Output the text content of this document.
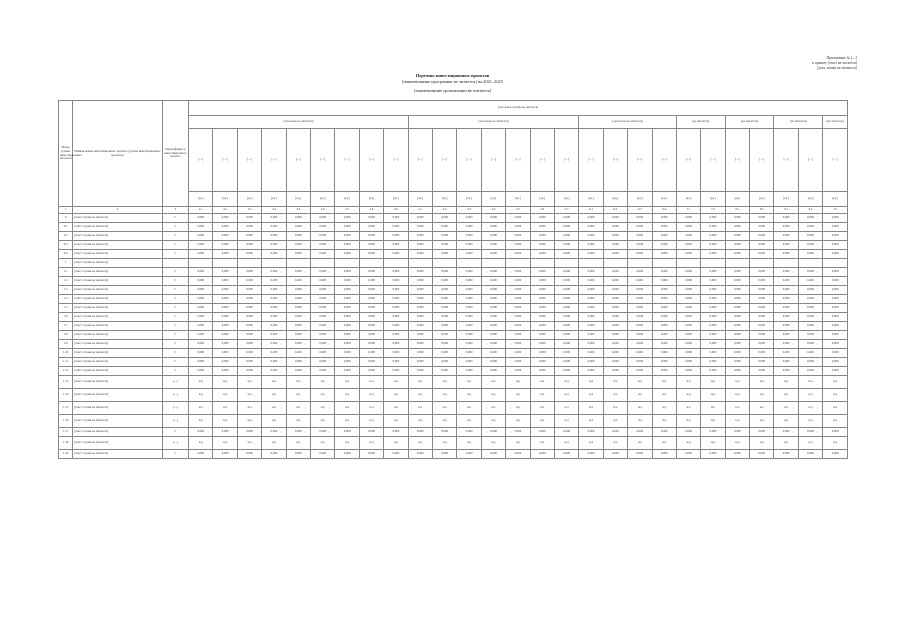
Приложение № [—]
к приказу [текст не читается]
[дата, номер не читаются]
Перечень инвестиционных проектов
[наименование программы не читается] на 2021–2025
[наименование организации не читается]
Номер группы инвестиционных проектов	Наименование инвестиционного проекта (группы инвестиционных проектов)	Идентификатор инвестиционного проекта	[заголовок группы не читается]																										
			[заголовок не читается]									[заголовок не читается]							[заголовок не читается]				[не читается]		[не читается]		[не читается]		[не читается]
			[—]	[—]	[—]	[—]	[—]	[—]	[—]	[—]	[—]	[—]	[—]	[—]	[—]	[—]	[—]	[—]	[—]	[—]	[—]	[—]	[—]	[—]	[—]	[—]	[—]	[—]	[—]
			[ед.]	[ед.]	[ед.]	[ед.]	[ед.]	[ед.]	[ед.]	[ед.]	[ед.]	[ед.]	[ед.]	[ед.]	[ед.]	[ед.]	[ед.]	[ед.]	[ед.]	[ед.]	[ед.]	[ед.]	[ед.]	[ед.]	[ед.]	[ед.]	[ед.]	[ед.]	[ед.]
1	2	3	4.1	4.2	4.3	4.4	4.5	4.6	4.7	4.8	4.9	5.1	5.2	5.3	5.4	5.5	5.6	5.7	6.1	6.2	6.3	6.4	7.1	7.2	8.1	8.2	9.1	9.2	10
0	[текст строки не читается]	Г	0,000	0,000	0,000	0,000	0,000	0,000	0,000	0,000	0,000	0,000	0,000	0,000	0,000	0,000	0,000	0,000	0,000	0,000	0,000	0,000	0,000	0,000	0,000	0,000	0,000	0,000	0,000
0.1	[текст строки не читается]	Г	0,000	0,000	0,000	0,000	0,000	0,000	0,000	0,000	0,000	0,000	0,000	0,000	0,000	0,000	0,000	0,000	0,000	0,000	0,000	0,000	0,000	0,000	0,000	0,000	0,000	0,000	0,000
0.2	[текст строки не читается]	Г	0,000	0,000	0,000	0,000	0,000	0,000	0,000	0,000	0,000	0,000	0,000	0,000	0,000	0,000	0,000	0,000	0,000	0,000	0,000	0,000	0,000	0,000	0,000	0,000	0,000	0,000	0,000
0.3	[текст строки не читается]	Г	0,000	0,000	0,000	0,000	0,000	0,000	0,000	0,000	0,000	0,000	0,000	0,000	0,000	0,000	0,000	0,000	0,000	0,000	0,000	0,000	0,000	0,000	0,000	0,000	0,000	0,000	0,000
0.4	[текст строки не читается]	Г	0,000	0,000	0,000	0,000	0,000	0,000	0,000	0,000	0,000	0,000	0,000	0,000	0,000	0,000	0,000	0,000	0,000	0,000	0,000	0,000	0,000	0,000	0,000	0,000	0,000	0,000	0,000
1	[текст строки не читается]																												
1.1	[текст строки не читается]	Г	0,000	0,000	0,000	0,000	0,000	0,000	0,000	0,000	0,000	0,000	0,000	0,000	0,000	0,000	0,000	0,000	0,000	0,000	0,000	0,000	0,000	0,000	0,000	0,000	0,000	0,000	0,000
1.2	[текст строки не читается]	Г	0,000	0,000	0,000	0,000	0,000	0,000	0,000	0,000	0,000	0,000	0,000	0,000	0,000	0,000	0,000	0,000	0,000	0,000	0,000	0,000	0,000	0,000	0,000	0,000	0,000	0,000	0,000
1.3	[текст строки не читается]	Г	0,000	0,000	0,000	0,000	0,000	0,000	0,000	0,000	0,000	0,000	0,000	0,000	0,000	0,000	0,000	0,000	0,000	0,000	0,000	0,000	0,000	0,000	0,000	0,000	0,000	0,000	0,000
1.4	[текст строки не читается]	Г	0,000	0,000	0,000	0,000	0,000	0,000	0,000	0,000	0,000	0,000	0,000	0,000	0,000	0,000	0,000	0,000	0,000	0,000	0,000	0,000	0,000	0,000	0,000	0,000	0,000	0,000	0,000
1.5	[текст строки не читается]	Г	0,000	0,000	0,000	0,000	0,000	0,000	0,000	0,000	0,000	0,000	0,000	0,000	0,000	0,000	0,000	0,000	0,000	0,000	0,000	0,000	0,000	0,000	0,000	0,000	0,000	0,000	0,000
1.6	[текст строки не читается]	Г	0,000	0,000	0,000	0,000	0,000	0,000	0,000	0,000	0,000	0,000	0,000	0,000	0,000	0,000	0,000	0,000	0,000	0,000	0,000	0,000	0,000	0,000	0,000	0,000	0,000	0,000	0,000
1.7	[текст строки не читается]	Г	0,000	0,000	0,000	0,000	0,000	0,000	0,000	0,000	0,000	0,000	0,000	0,000	0,000	0,000	0,000	0,000	0,000	0,000	0,000	0,000	0,000	0,000	0,000	0,000	0,000	0,000	0,000
1.8	[текст строки не читается]	Г	0,000	0,000	0,000	0,000	0,000	0,000	0,000	0,000	0,000	0,000	0,000	0,000	0,000	0,000	0,000	0,000	0,000	0,000	0,000	0,000	0,000	0,000	0,000	0,000	0,000	0,000	0,000
1.9	[текст строки не читается]	Г	0,000	0,000	0,000	0,000	0,000	0,000	0,000	0,000	0,000	0,000	0,000	0,000	0,000	0,000	0,000	0,000	0,000	0,000	0,000	0,000	0,000	0,000	0,000	0,000	0,000	0,000	0,000
1.10	[текст строки не читается]	Г	0,000	0,000	0,000	0,000	0,000	0,000	0,000	0,000	0,000	0,000	0,000	0,000	0,000	0,000	0,000	0,000	0,000	0,000	0,000	0,000	0,000	0,000	0,000	0,000	0,000	0,000	0,000
1.11	[текст строки не читается]	Г	0,000	0,000	0,000	0,000	0,000	0,000	0,000	0,000	0,000	0,000	0,000	0,000	0,000	0,000	0,000	0,000	0,000	0,000	0,000	0,000	0,000	0,000	0,000	0,000	0,000	0,000	0,000
1.12	[текст строки не читается]	Г	0,000	0,000	0,000	0,000	0,000	0,000	0,000	0,000	0,000	0,000	0,000	0,000	0,000	0,000	0,000	0,000	0,000	0,000	0,000	0,000	0,000	0,000	0,000	0,000	0,000	0,000	0,000
1.13	[текст строки не читается]	[—]	н/д	н/д	н/д	н/д	н/д	н/д	н/д	н/д	н/д	н/д	н/д	н/д	н/д	н/д	н/д	н/д	н/д	н/д	н/д	н/д	н/д	н/д	н/д	н/д	н/д	н/д	н/д
1.14	[текст строки не читается]	[—]	н/д	н/д	н/д	н/д	н/д	н/д	н/д	н/д	н/д	н/д	н/д	н/д	н/д	н/д	н/д	н/д	н/д	н/д	н/д	н/д	н/д	н/д	н/д	н/д	н/д	н/д	н/д
1.15	[текст строки не читается]	[—]	н/д	н/д	н/д	н/д	н/д	н/д	н/д	н/д	н/д	н/д	н/д	н/д	н/д	н/д	н/д	н/д	н/д	н/д	н/д	н/д	н/д	н/д	н/д	н/д	н/д	н/д	н/д
1.16	[текст строки не читается]	[—]	н/д	н/д	н/д	н/д	н/д	н/д	н/д	н/д	н/д	н/д	н/д	н/д	н/д	н/д	н/д	н/д	н/д	н/д	н/д	н/д	н/д	н/д	н/д	н/д	н/д	н/д	н/д
1.17	[текст строки не читается]	Г	0,000	0,000	0,000	0,000	0,000	0,000	0,000	0,000	0,000	0,000	0,000	0,000	0,000	0,000	0,000	0,000	0,000	0,000	0,000	0,000	0,000	0,000	0,000	0,000	0,000	0,000	0,000
1.18	[текст строки не читается]	[—]	н/д	н/д	н/д	н/д	н/д	н/д	н/д	н/д	н/д	н/д	н/д	н/д	н/д	н/д	н/д	н/д	н/д	н/д	н/д	н/д	н/д	н/д	н/д	н/д	н/д	н/д	н/д
1.19	[текст строки не читается]	Г	0,000	0,000	0,000	0,000	0,000	0,000	0,000	0,000	0,000	0,000	0,000	0,000	0,000	0,000	0,000	0,000	0,000	0,000	0,000	0,000	0,000	0,000	0,000	0,000	0,000	0,000	0,000
